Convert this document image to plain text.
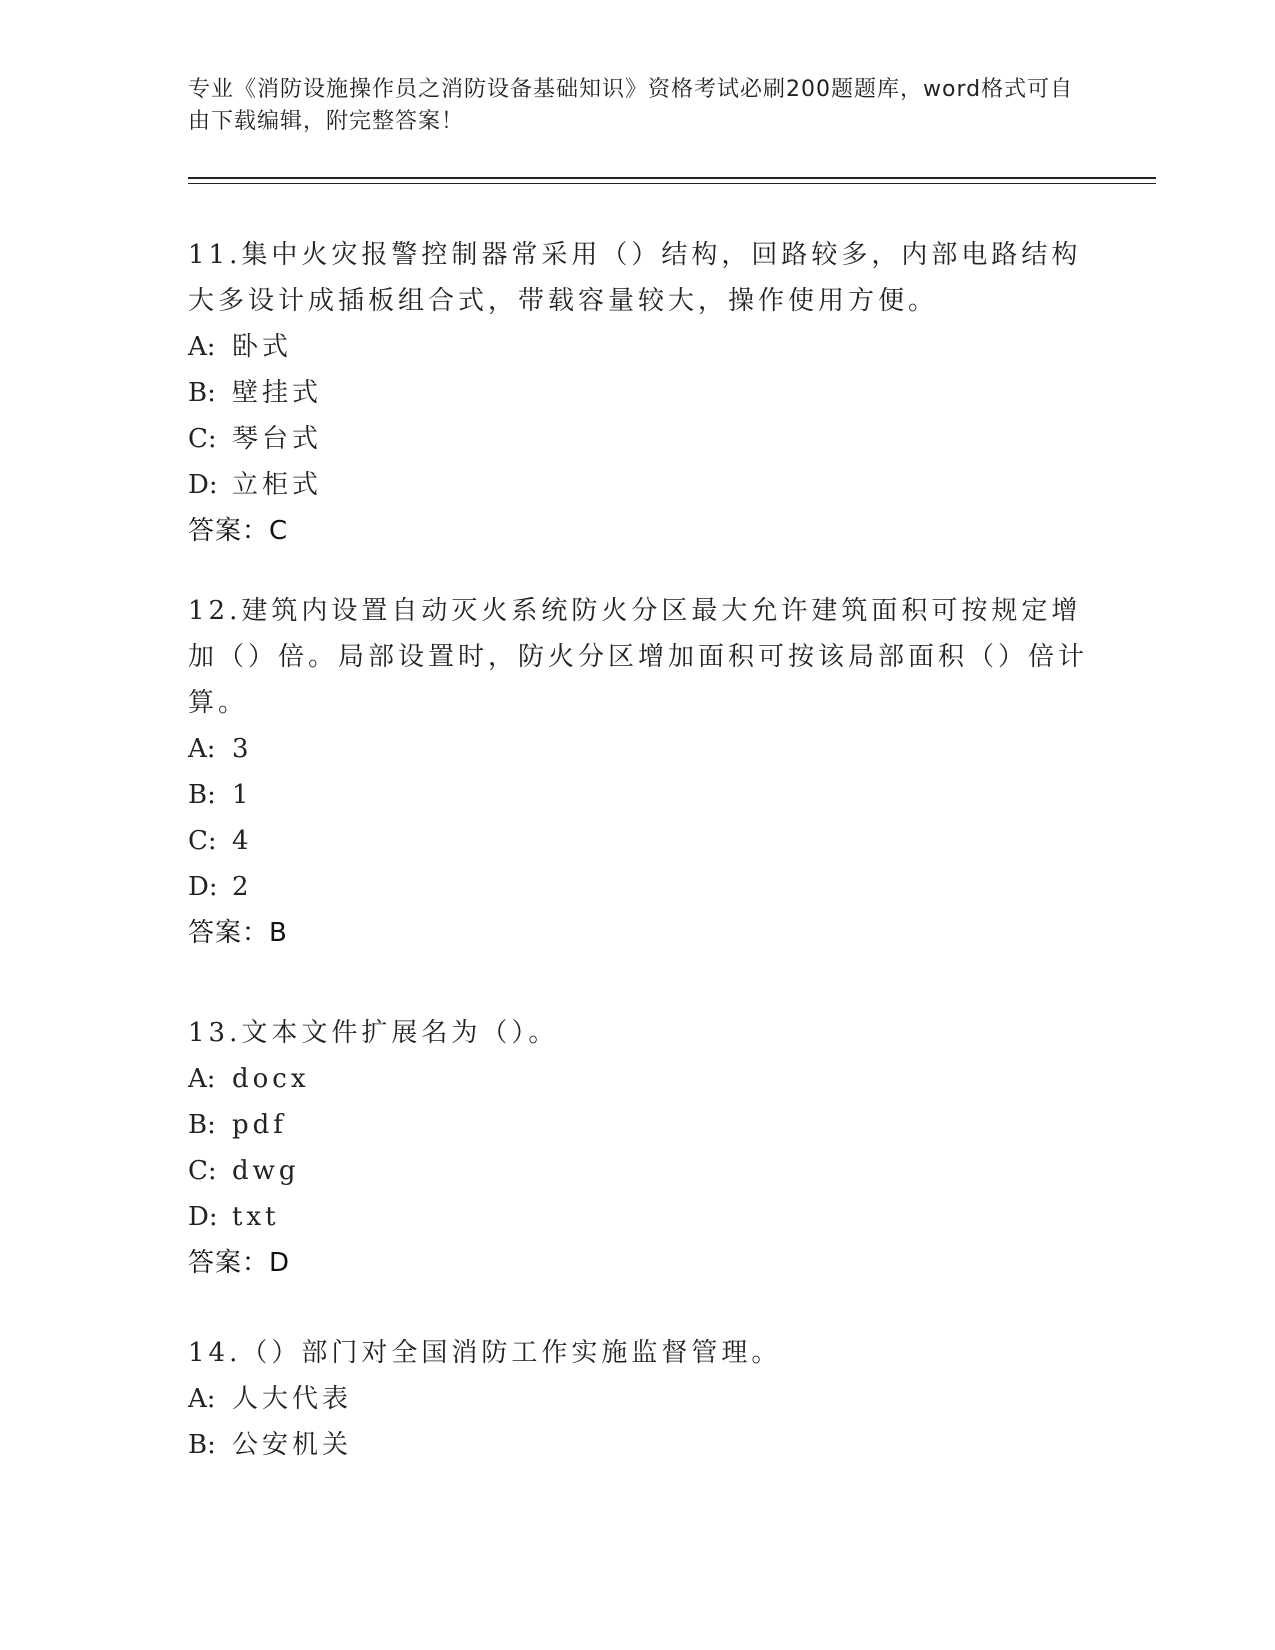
专业《消防设施操作员之消防设备基础知识》资格考试必刷200题题库，word格式可自由下载编辑，附完整答案！
11.集中火灾报警控制器常采用（）结构，回路较多，内部电路结构大多设计成插板组合式，带载容量较大，操作使用方便。
A: 卧式
B: 壁挂式
C: 琴台式
D: 立柜式
答案：C
12.建筑内设置自动灭火系统防火分区最大允许建筑面积可按规定增加（）倍。局部设置时，防火分区增加面积可按该局部面积（）倍计算。
A: 3
B: 1
C: 4
D: 2
答案：B
13.文本文件扩展名为（）。
A: docx
B: pdf
C: dwg
D: txt
答案：D
14.（）部门对全国消防工作实施监督管理。
A: 人大代表
B: 公安机关
